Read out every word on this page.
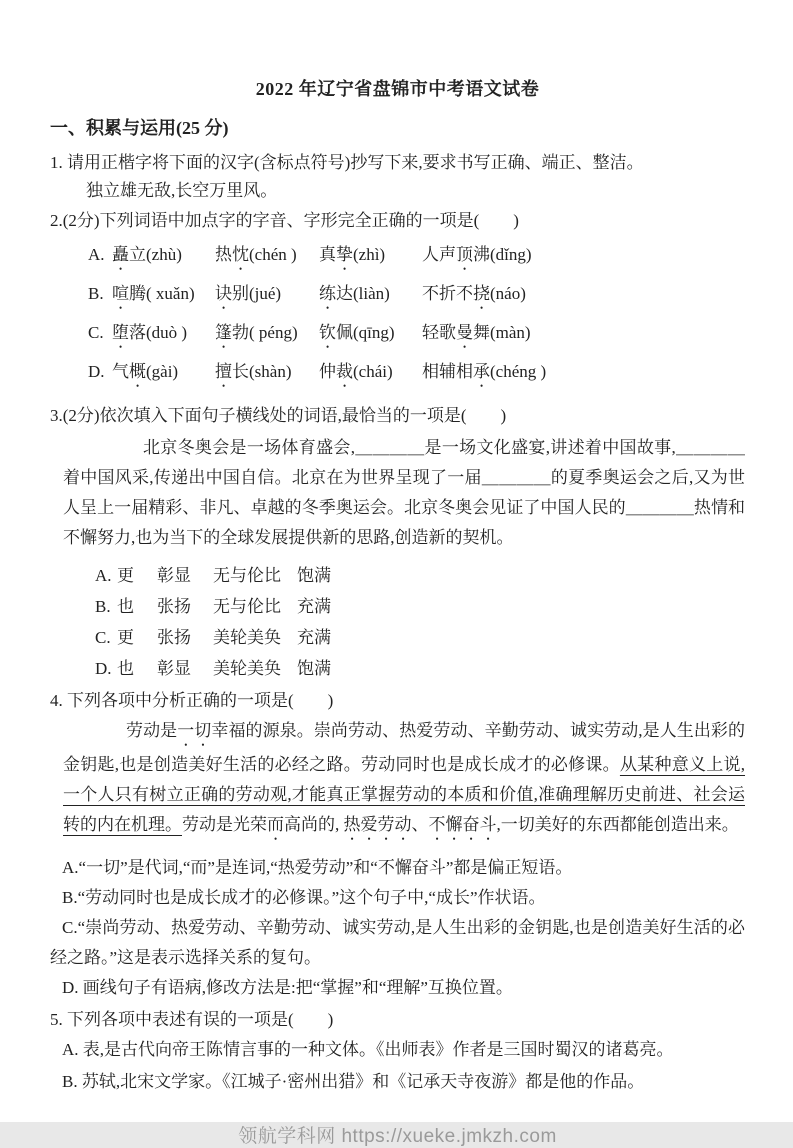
2022 年辽宁省盘锦市中考语文试卷
一、积累与运用(25 分)

1. 请用正楷字将下面的汉字(含标点符号)抄写下来,要求书写正确、端正、整洁。

独立雄无敌,长空万里风。

2.(2分)下列词语中加点字的字音、字形完全正确的一项是(　　)

A. 矗立(zhù)	热忱(chén )	真挚(zhì)	人声顶沸(dǐng)
B. 喧腾( xuǎn)	诀别(jué)	练达(liàn)	不折不挠(náo)
C. 堕落(duò )	篷勃( péng)	钦佩(qīng)	轻歌曼舞(màn)
D. 气概(gài)	擅长(shàn)	仲裁(chái)	相辅相承(chéng )

3.(2分)依次填入下面句子横线处的词语,最恰当的一项是(　　)

北京冬奥会是一场体育盛会,＿＿＿＿是一场文化盛宴,讲述着中国故事,＿＿＿＿着中国风采,传递出中国自信。北京在为世界呈现了一届＿＿＿＿的夏季奥运会之后,又为世人呈上一届精彩、非凡、卓越的冬季奥运会。北京冬奥会见证了中国人民的＿＿＿＿热情和不懈努力,也为当下的全球发展提供新的思路,创造新的契机。

A. 更	彰显	无与伦比 饱满
B. 也	张扬	无与伦比 充满
C. 更	张扬	美轮美奂 充满
D. 也	彰显	美轮美奂 饱满

4. 下列各项中分析正确的一项是(　　)

劳动是一切幸福的源泉。崇尚劳动、热爱劳动、辛勤劳动、诚实劳动,是人生出彩的金钥匙,也是创造美好生活的必经之路。劳动同时也是成长成才的必修课。从某种意义上说,一个人只有树立正确的劳动观,才能真正掌握劳动的本质和价值,准确理解历史前进、社会运转的内在机理。劳动是光荣而高尚的, 热爱劳动、不懈奋斗,一切美好的东西都能创造出来。

A.“一切”是代词,“而”是连词,“热爱劳动”和“不懈奋斗”都是偏正短语。

B.“劳动同时也是成长成才的必修课。”这个句子中,“成长”作状语。

C.“崇尚劳动、热爱劳动、辛勤劳动、诚实劳动,是人生出彩的金钥匙,也是创造美好生活的必经之路。”这是表示选择关系的复句。

D. 画线句子有语病,修改方法是:把“掌握”和“理解”互换位置。

5. 下列各项中表述有误的一项是(　　)

A. 表,是古代向帝王陈情言事的一种文体。《出师表》作者是三国时蜀汉的诸葛亮。

B. 苏轼,北宋文学家。《江城子·密州出猎》和《记承天寺夜游》都是他的作品。

领航学科网 https://xueke.jmkzh.com
